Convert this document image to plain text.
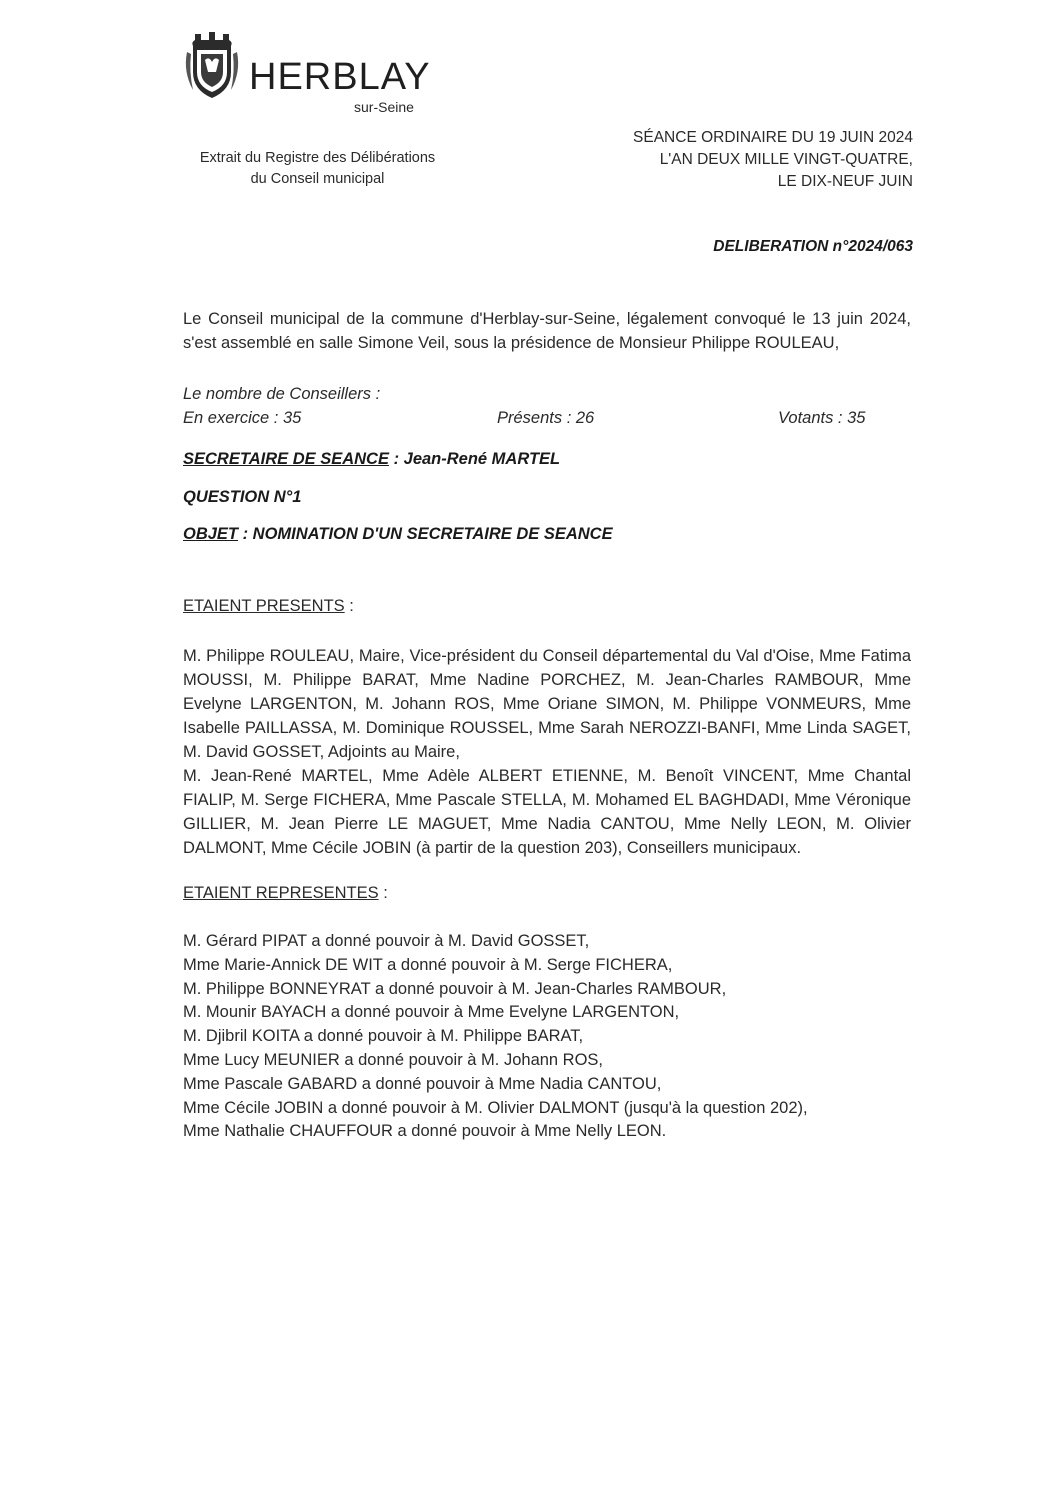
HERBLAY
sur-Seine
Extrait du Registre des Délibérations
du Conseil municipal
SÉANCE ORDINAIRE DU 19 JUIN 2024
L'AN DEUX MILLE VINGT-QUATRE,
LE DIX-NEUF JUIN
DELIBERATION n°2024/063
Le Conseil municipal de la commune d'Herblay-sur-Seine, légalement convoqué le 13 juin 2024, s'est assemblé en salle Simone Veil, sous la présidence de Monsieur Philippe ROULEAU,
Le nombre de Conseillers :
En exercice : 35	Présents : 26	Votants : 35
SECRETAIRE DE SEANCE : Jean-René MARTEL
QUESTION N°1
OBJET : NOMINATION D'UN SECRETAIRE DE SEANCE
ETAIENT PRESENTS :

M. Philippe ROULEAU, Maire, Vice-président du Conseil départemental du Val d'Oise, Mme Fatima MOUSSI, M. Philippe BARAT, Mme Nadine PORCHEZ, M. Jean-Charles RAMBOUR, Mme Evelyne LARGENTON, M. Johann ROS, Mme Oriane SIMON, M. Philippe VONMEURS, Mme Isabelle PAILLASSA, M. Dominique ROUSSEL, Mme Sarah NEROZZI-BANFI, Mme Linda SAGET, M. David GOSSET, Adjoints au Maire,

M. Jean-René MARTEL, Mme Adèle ALBERT ETIENNE, M. Benoît VINCENT, Mme Chantal FIALIP, M. Serge FICHERA, Mme Pascale STELLA, M. Mohamed EL BAGHDADI, Mme Véronique GILLIER, M. Jean Pierre LE MAGUET, Mme Nadia CANTOU, Mme Nelly LEON, M. Olivier DALMONT, Mme Cécile JOBIN (à partir de la question 203), Conseillers municipaux.

ETAIENT REPRESENTES :
M. Gérard PIPAT a donné pouvoir à M. David GOSSET,
Mme Marie-Annick DE WIT a donné pouvoir à M. Serge FICHERA,
M. Philippe BONNEYRAT a donné pouvoir à M. Jean-Charles RAMBOUR,
M. Mounir BAYACH a donné pouvoir à Mme Evelyne LARGENTON,
M. Djibril KOITA a donné pouvoir à M. Philippe BARAT,
Mme Lucy MEUNIER a donné pouvoir à M. Johann ROS,
Mme Pascale GABARD a donné pouvoir à Mme Nadia CANTOU,
Mme Cécile JOBIN a donné pouvoir à M. Olivier DALMONT (jusqu'à la question 202),
Mme Nathalie CHAUFFOUR a donné pouvoir à Mme Nelly LEON.
